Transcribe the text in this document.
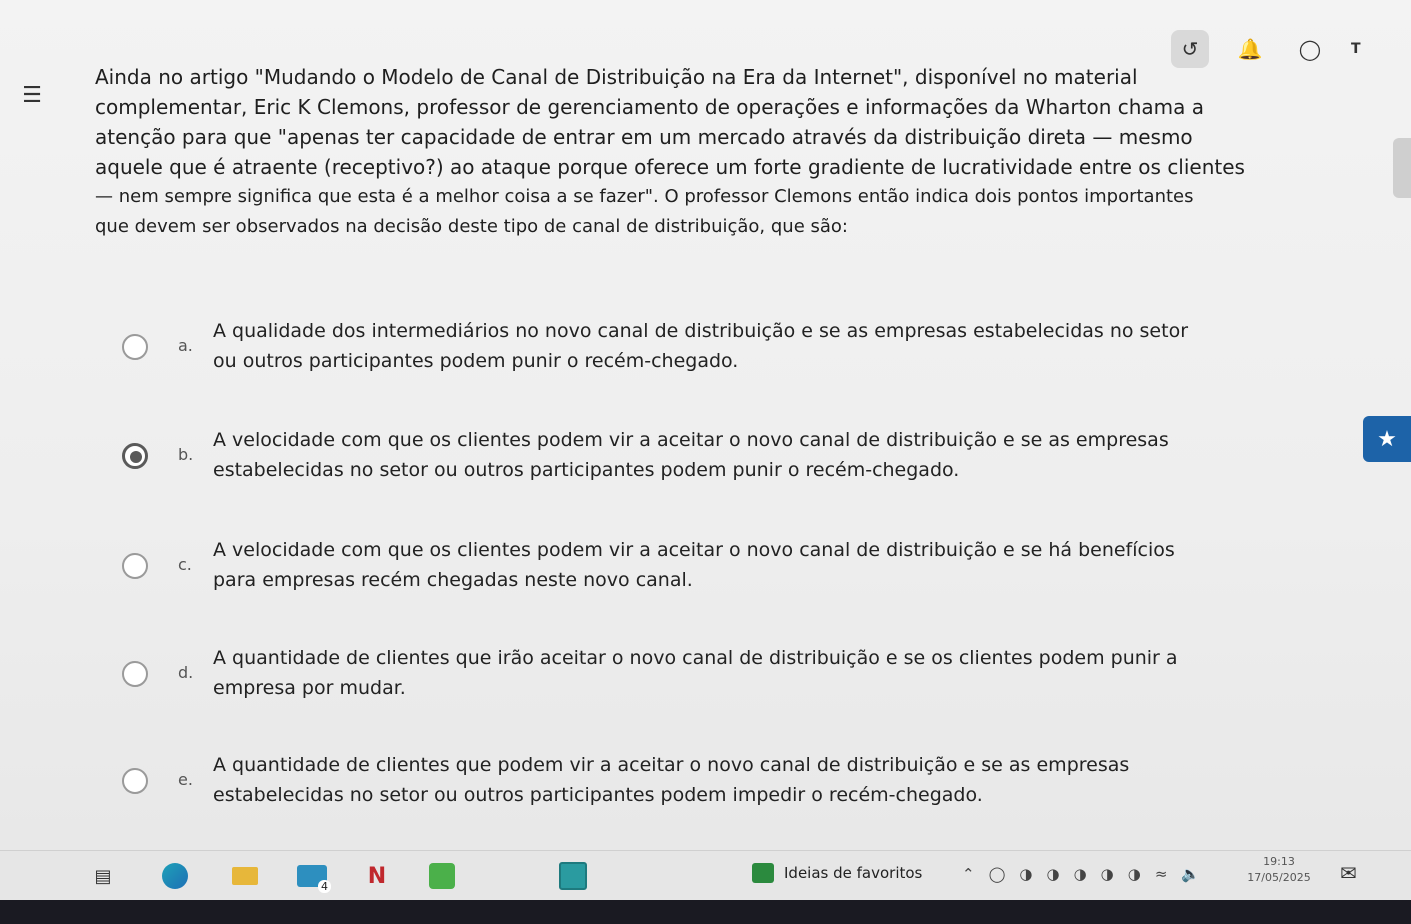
↺	🔔	◯	T
☰

Ainda no artigo "Mudando o Modelo de Canal de Distribuição na Era da Internet", disponível no material

complementar, Eric K Clemons, professor de gerenciamento de operações e informações da Wharton chama a

atenção para que "apenas ter capacidade de entrar em um mercado através da distribuição direta — mesmo

aquele que é atraente (receptivo?) ao ataque porque oferece um forte gradiente de lucratividade entre os clientes

— nem sempre significa que esta é a melhor coisa a se fazer". O professor Clemons então indica dois pontos importantes

que devem ser observados na decisão deste tipo de canal de distribuição, que são:

a.
A qualidade dos intermediários no novo canal de distribuição e se as empresas estabelecidas no setor
ou outros participantes podem punir o recém-chegado.
b.
A velocidade com que os clientes podem vir a aceitar o novo canal de distribuição e se as empresas
estabelecidas no setor ou outros participantes podem punir o recém-chegado.
c.
A velocidade com que os clientes podem vir a aceitar o novo canal de distribuição e se há benefícios
para empresas recém chegadas neste novo canal.
d.
A quantidade de clientes que irão aceitar o novo canal de distribuição e se os clientes podem punir a
empresa por mudar.
e.
A quantidade de clientes que podem vir a aceitar o novo canal de distribuição e se as empresas
estabelecidas no setor ou outros participantes podem impedir o recém-chegado.
★
▤	4 N	Ideias de favoritos	⌃ ◯ ◑ ◑ ◑ ◑ ◑ ≈ 🔈
19:13
17/05/2025 ✉
